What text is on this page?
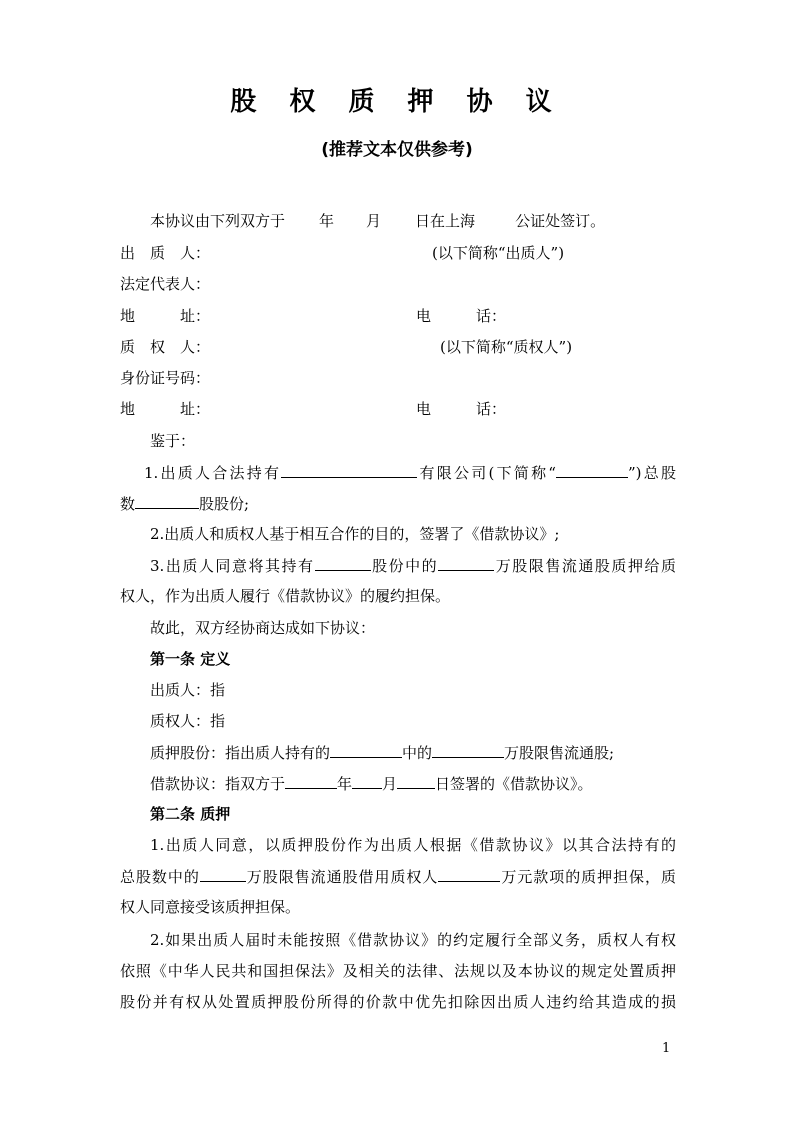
股 权 质 押 协 议
(推荐文本仅供参考)
本协议由下列双方于 年 月 日在上海	公证处签订。
出　质　人：	(以下简称“出质人”)
法定代表人：
地　　　址：	电　　　话：
质　权　人：	(以下简称“质权人”)
身份证号码：
地　　　址：	电　　　话：
鉴于：
1.出质人合法持有	有限公司(下简称“	”)总股
数	股股份;
2.出质人和质权人基于相互合作的目的，签署了《借款协议》;
3.出质人同意将其持有	股份中的	万股限售流通股质押给质
权人，作为出质人履行《借款协议》的履约担保。
故此，双方经协商达成如下协议：
第一条 定义
出质人：指
质权人：指
质押股份：指出质人持有的	中的	万股限售流通股;
借款协议：指双方于	年 月	日签署的《借款协议》。
第二条 质押
1.出质人同意，以质押股份作为出质人根据《借款协议》以其合法持有的
总股数中的	万股限售流通股借用质权人	万元款项的质押担保，质
权人同意接受该质押担保。
2.如果出质人届时未能按照《借款协议》的约定履行全部义务，质权人有权
依照《中华人民共和国担保法》及相关的法律、法规以及本协议的规定处置质押
股份并有权从处置质押股份所得的价款中优先扣除因出质人违约给其造成的损
1
